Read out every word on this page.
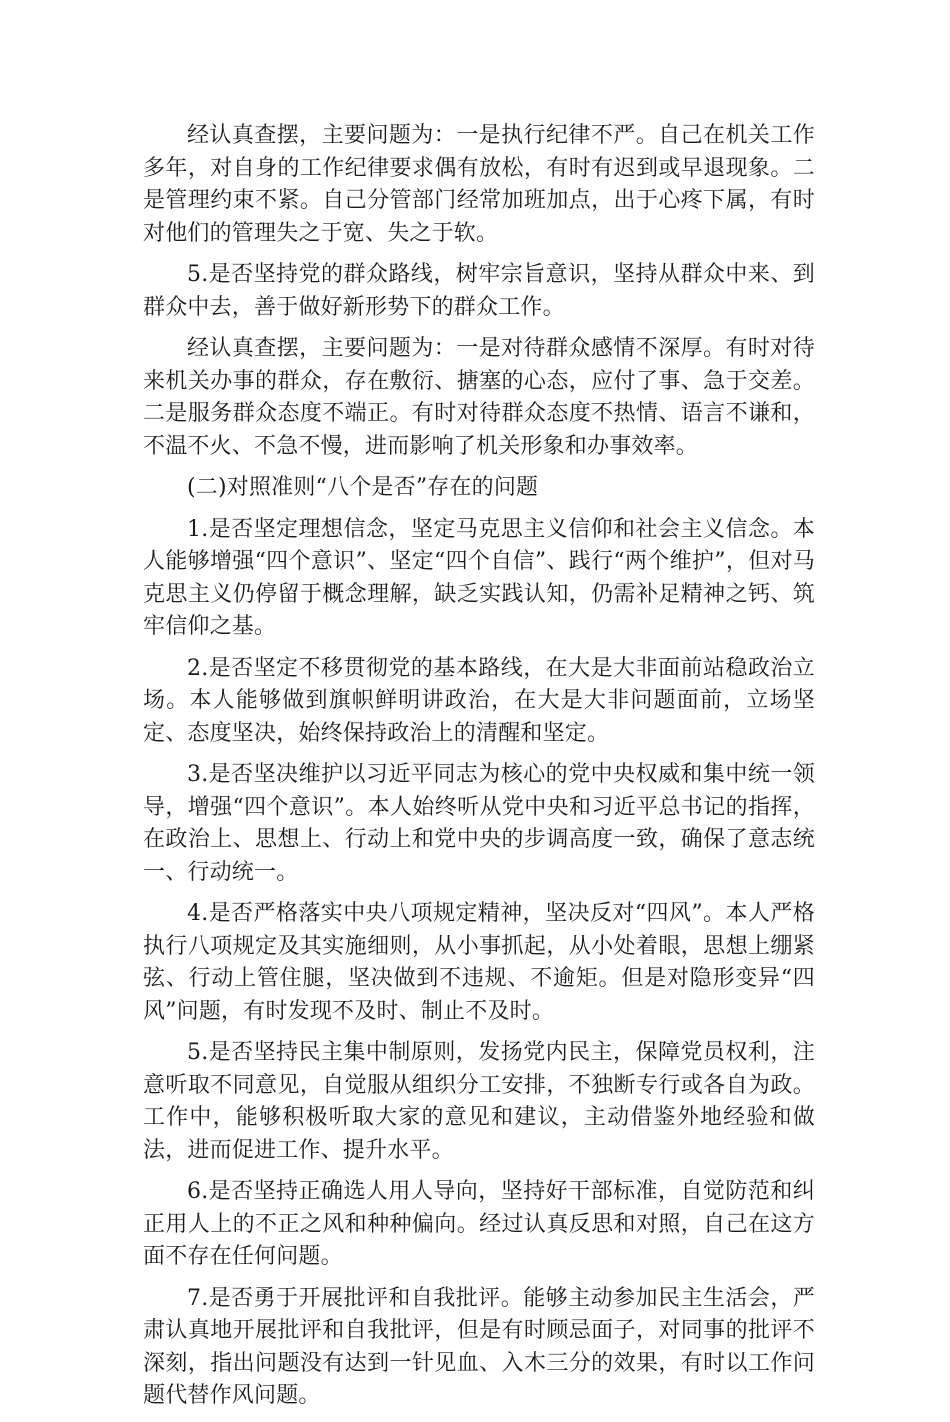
经认真查摆，主要问题为：一是执行纪律不严。自己在机关工作多年，对自身的工作纪律要求偶有放松，有时有迟到或早退现象。二是管理约束不紧。自己分管部门经常加班加点，出于心疼下属，有时对他们的管理失之于宽、失之于软。

5.是否坚持党的群众路线，树牢宗旨意识，坚持从群众中来、到群众中去，善于做好新形势下的群众工作。

经认真查摆，主要问题为：一是对待群众感情不深厚。有时对待来机关办事的群众，存在敷衍、搪塞的心态，应付了事、急于交差。二是服务群众态度不端正。有时对待群众态度不热情、语言不谦和，不温不火、不急不慢，进而影响了机关形象和办事效率。

(二)对照准则“八个是否”存在的问题

1.是否坚定理想信念，坚定马克思主义信仰和社会主义信念。本人能够增强“四个意识”、坚定“四个自信”、践行“两个维护”，但对马克思主义仍停留于概念理解，缺乏实践认知，仍需补足精神之钙、筑牢信仰之基。

2.是否坚定不移贯彻党的基本路线，在大是大非面前站稳政治立场。本人能够做到旗帜鲜明讲政治，在大是大非问题面前，立场坚定、态度坚决，始终保持政治上的清醒和坚定。

3.是否坚决维护以习近平同志为核心的党中央权威和集中统一领导，增强“四个意识”。本人始终听从党中央和习近平总书记的指挥，在政治上、思想上、行动上和党中央的步调高度一致，确保了意志统一、行动统一。

4.是否严格落实中央八项规定精神，坚决反对“四风”。本人严格执行八项规定及其实施细则，从小事抓起，从小处着眼，思想上绷紧弦、行动上管住腿，坚决做到不违规、不逾矩。但是对隐形变异“四风”问题，有时发现不及时、制止不及时。

5.是否坚持民主集中制原则，发扬党内民主，保障党员权利，注意听取不同意见，自觉服从组织分工安排，不独断专行或各自为政。工作中，能够积极听取大家的意见和建议，主动借鉴外地经验和做法，进而促进工作、提升水平。

6.是否坚持正确选人用人导向，坚持好干部标准，自觉防范和纠正用人上的不正之风和种种偏向。经过认真反思和对照，自己在这方面不存在任何问题。

7.是否勇于开展批评和自我批评。能够主动参加民主生活会，严肃认真地开展批评和自我批评，但是有时顾忌面子，对同事的批评不深刻，指出问题没有达到一针见血、入木三分的效果，有时以工作问题代替作风问题。
